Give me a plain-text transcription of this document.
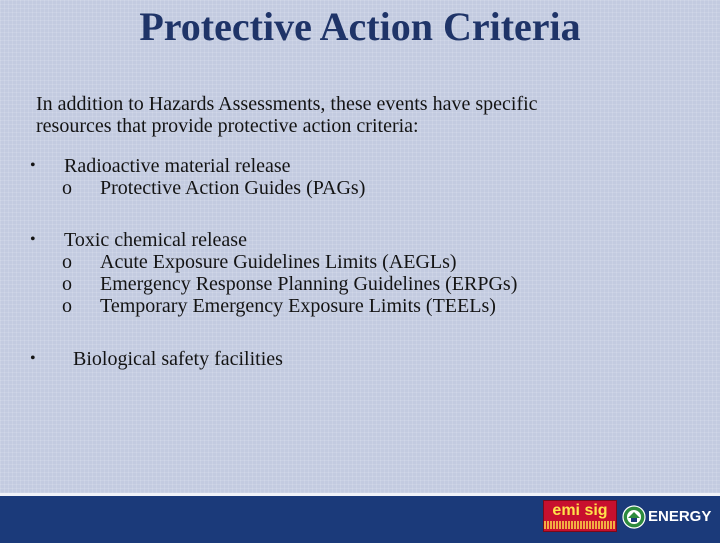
Protective Action Criteria
In addition to Hazards Assessments, these events have specific
resources that provide protective action criteria:
•	Radioactive material release
o Protective Action Guides (PAGs)
•	Toxic chemical release
o Acute Exposure Guidelines Limits (AEGLs)
o Emergency Response Planning Guidelines (ERPGs)
o Temporary Emergency Exposure Limits (TEELs)
•	Biological safety facilities
emi sig	ENERGY
